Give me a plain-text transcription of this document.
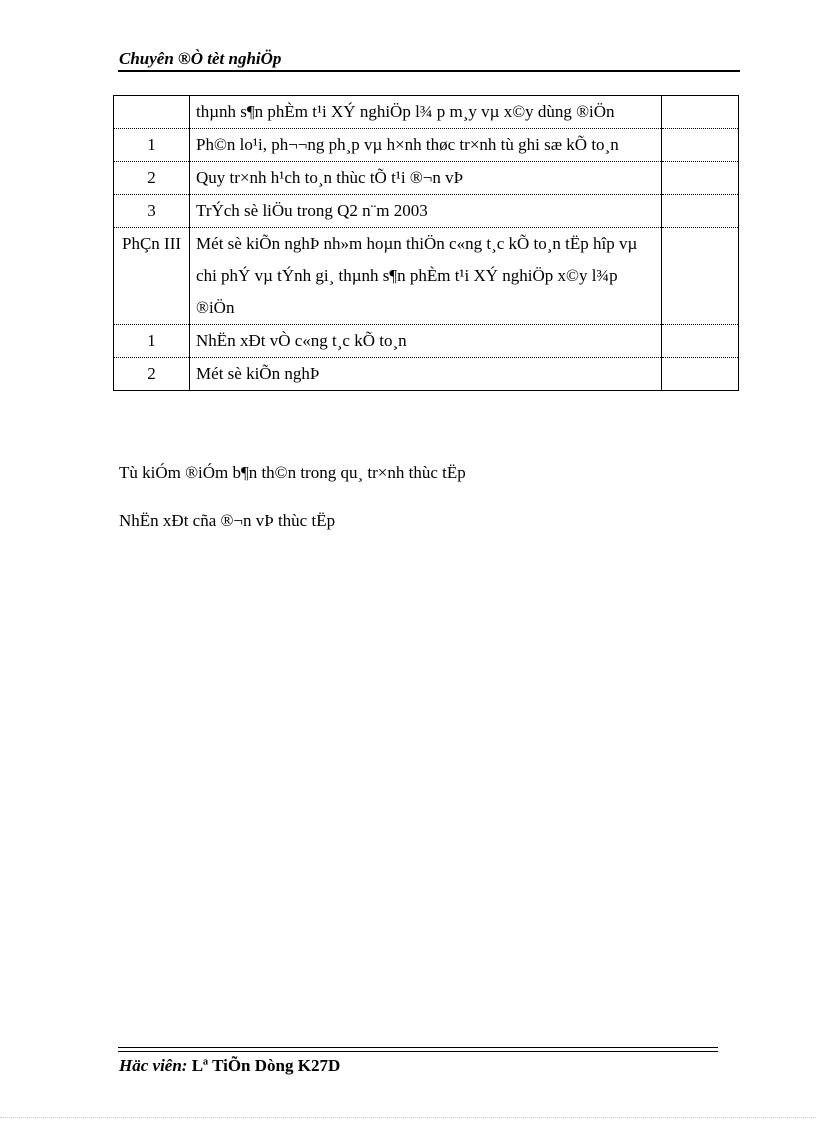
Chuyên ®Ò tèt nghiÖp
	thµnh s¶n phÈm t¹i XÝ nghiÖp l¾ p m¸y vµ x©y dùng ®iÖn	
1	Ph©n lo¹i, ph¬¬ng ph¸p vµ h×nh thøc tr×nh tù ghi sæ kÕ to¸n	
2	Quy tr×nh h¹ch to¸n thùc tÕ t¹i ®¬n vÞ	
3	TrÝch sè liÖu trong Q2 n¨m 2003	
PhÇn III	Mét sè kiÕn nghÞ nh»m hoµn thiÖn c«ng t¸c kÕ to¸n tËp hîp vµ chi phÝ vµ tÝnh gi¸ thµnh s¶n phÈm t¹i XÝ nghiÖp x©y l¾p ®iÖn	
1	NhËn xÐt vÒ c«ng t¸c kÕ to¸n	
2	Mét sè kiÕn nghÞ	
Tù kiÓm ®iÓm b¶n th©n trong qu¸ tr×nh thùc tËp
NhËn xÐt cña ®¬n vÞ thùc tËp
Häc viên: Lª TiÕn Dòng K27D
